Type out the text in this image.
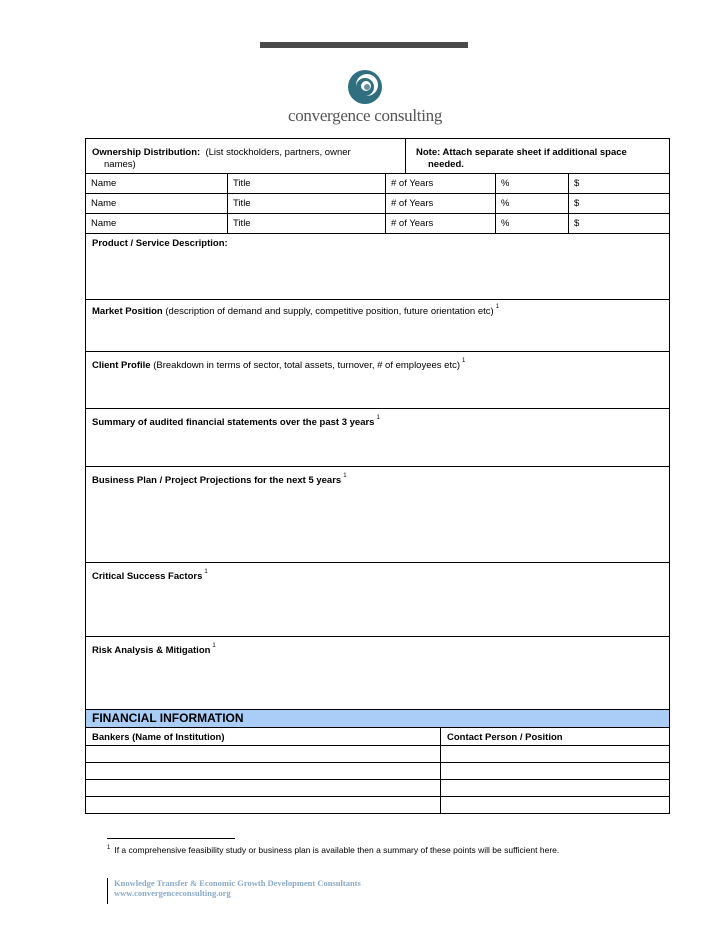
convergence consulting
Ownership Distribution: (List stockholders, partners, owner
names)
Note: Attach separate sheet if additional space
needed.
Name	Title	# of Years	%	$
Name	Title	# of Years	%	$
Name	Title	# of Years	%	$
Product / Service Description:
Market Position (description of demand and supply, competitive position, future orientation etc) $^1$
Client Profile (Breakdown in terms of sector, total assets, turnover, # of employees etc) $^1$
Summary of audited financial statements over the past 3 years $^1$
Business Plan / Project Projections for the next 5 years $^1$
Critical Success Factors $^1$
Risk Analysis & Mitigation $^1$
FINANCIAL INFORMATION
Bankers (Name of Institution)	Contact Person / Position
$^1$ If a comprehensive feasibility study or business plan is available then a summary of these points will be sufficient here.
Knowledge Transfer & Economic Growth Development Consultants
www.convergenceconsulting.org
